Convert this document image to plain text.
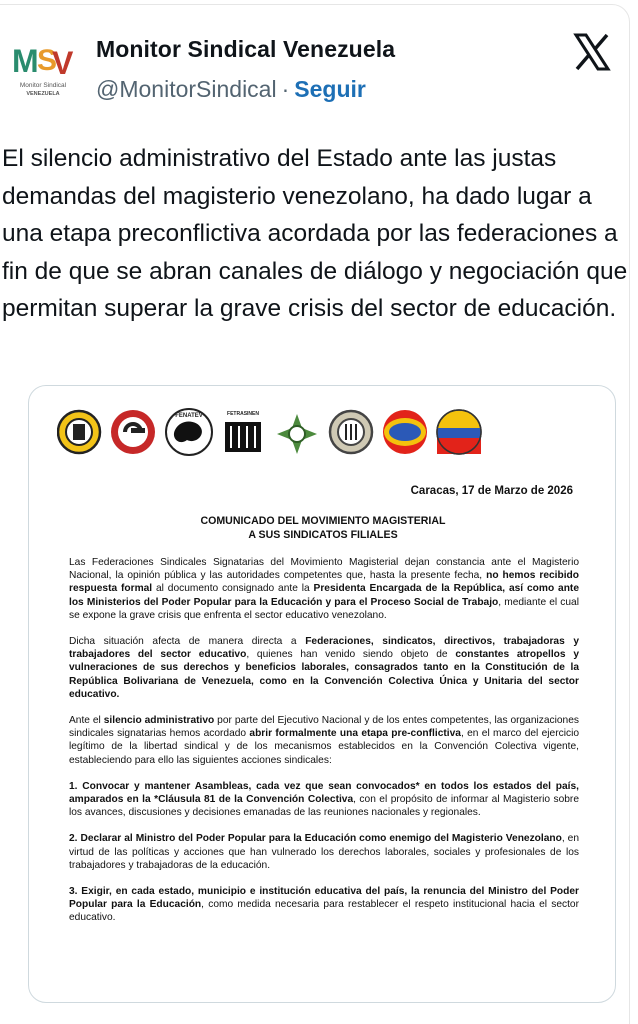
M
S
V
Monitor Sindical
VENEZUELA
Monitor Sindical Venezuela
@MonitorSindical · Seguir
El silencio administrativo del Estado ante las justas demandas del magisterio venezolano, ha dado lugar a una etapa preconflictiva acordada por las federaciones a fin de que se abran canales de diálogo y negociación que permitan superar la grave crisis del sector de educación.
FENATEV	FETRASINEN
Caracas, 17 de Marzo de 2026
COMUNICADO DEL MOVIMIENTO MAGISTERIAL
A SUS SINDICATOS FILIALES

Las Federaciones Sindicales Signatarias del Movimiento Magisterial dejan constancia ante el Magisterio Nacional, la opinión pública y las autoridades competentes que, hasta la presente fecha, no hemos recibido respuesta formal al documento consignado ante la Presidenta Encargada de la República, así como ante los Ministerios del Poder Popular para la Educación y para el Proceso Social de Trabajo, mediante el cual se expone la grave crisis que enfrenta el sector educativo venezolano.

Dicha situación afecta de manera directa a Federaciones, sindicatos, directivos, trabajadoras y trabajadores del sector educativo, quienes han venido siendo objeto de constantes atropellos y vulneraciones de sus derechos y beneficios laborales, consagrados tanto en la Constitución de la República Bolivariana de Venezuela, como en la Convención Colectiva Única y Unitaria del sector educativo.

Ante el silencio administrativo por parte del Ejecutivo Nacional y de los entes competentes, las organizaciones sindicales signatarias hemos acordado abrir formalmente una etapa pre-conflictiva, en el marco del ejercicio legítimo de la libertad sindical y de los mecanismos establecidos en la Convención Colectiva vigente, estableciendo para ello las siguientes acciones sindicales:

1. Convocar y mantener Asambleas, cada vez que sean convocados* en todos los estados del país, amparados en la *Cláusula 81 de la Convención Colectiva, con el propósito de informar al Magisterio sobre los avances, discusiones y decisiones emanadas de las reuniones nacionales y regionales.

2. Declarar al Ministro del Poder Popular para la Educación como enemigo del Magisterio Venezolano, en virtud de las políticas y acciones que han vulnerado los derechos laborales, sociales y profesionales de los trabajadores y trabajadoras de la educación.

3. Exigir, en cada estado, municipio e institución educativa del país, la renuncia del Ministro del Poder Popular para la Educación, como medida necesaria para restablecer el respeto institucional hacia el sector educativo.
